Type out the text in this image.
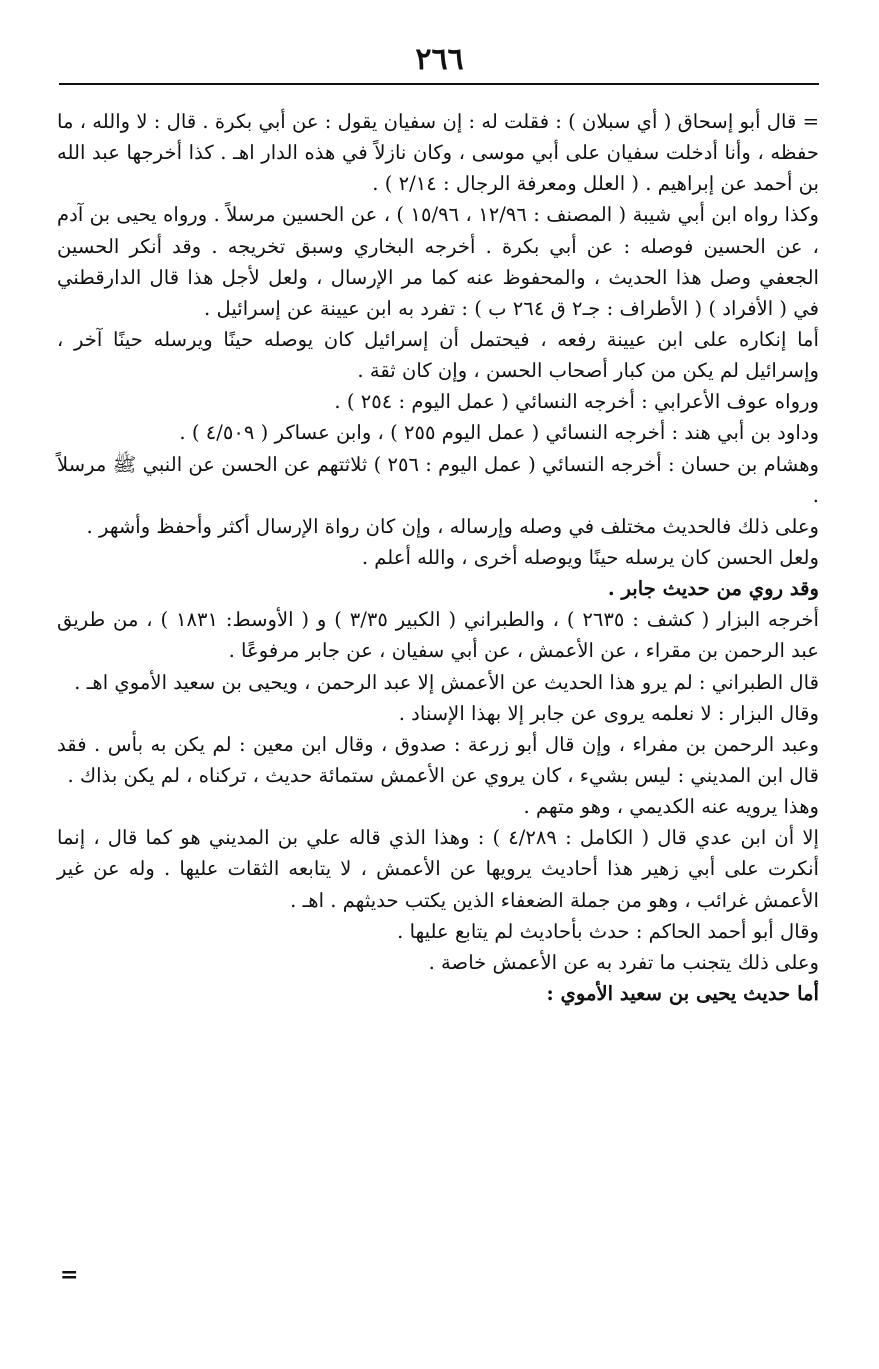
٢٦٦

= قال أبو إسحاق ( أي سبلان ) : فقلت له : إن سفيان يقول : عن أبي بكرة . قال : لا والله ، ما حفظه ، وأنا أدخلت سفيان على أبي موسى ، وكان نازلاً في هذه الدار اهـ . كذا أخرجها عبد الله بن أحمد عن إبراهيم . ( العلل ومعرفة الرجال : ٢/١٤ ) .

وكذا رواه ابن أبي شيبة ( المصنف : ١٢/٩٦ ، ١٥/٩٦ ) ، عن الحسين مرسلاً . ورواه يحيى بن آدم ، عن الحسين فوصله : عن أبي بكرة . أخرجه البخاري وسبق تخريجه . وقد أنكر الحسين الجعفي وصل هذا الحديث ، والمحفوظ عنه كما مر الإرسال ، ولعل لأجل هذا قال الدارقطني في ( الأفراد ) ( الأطراف : جـ٢ ق ٢٦٤ ب ) : تفرد به ابن عيينة عن إسرائيل .

أما إنكاره على ابن عيينة رفعه ، فيحتمل أن إسرائيل كان يوصله حينًا ويرسله حينًا آخر ، وإسرائيل لم يكن من كبار أصحاب الحسن ، وإن كان ثقة .

ورواه عوف الأعرابي : أخرجه النسائي ( عمل اليوم : ٢٥٤ ) .

وداود بن أبي هند : أخرجه النسائي ( عمل اليوم ٢٥٥ ) ، وابن عساكر ( ٤/٥٠٩ ) .

وهشام بن حسان : أخرجه النسائي ( عمل اليوم : ٢٥٦ ) ثلاثتهم عن الحسن عن النبي ﷺ مرسلاً .

وعلى ذلك فالحديث مختلف في وصله وإرساله ، وإن كان رواة الإرسال أكثر وأحفظ وأشهر .

ولعل الحسن كان يرسله حينًا ويوصله أخرى ، والله أعلم .

وقد روي من حديث جابر .

أخرجه البزار ( كشف : ٢٦٣٥ ) ، والطبراني ( الكبير ٣/٣٥ ) و ( الأوسط: ١٨٣١ ) ، من طريق عبد الرحمن بن مقراء ، عن الأعمش ، عن أبي سفيان ، عن جابر مرفوعًا .

قال الطبراني : لم يرو هذا الحديث عن الأعمش إلا عبد الرحمن ، ويحيى بن سعيد الأموي اهـ .

وقال البزار : لا نعلمه يروى عن جابر إلا بهذا الإسناد .

وعبد الرحمن بن مفراء ، وإن قال أبو زرعة : صدوق ، وقال ابن معين : لم يكن به بأس . فقد قال ابن المديني : ليس بشيء ، كان يروي عن الأعمش ستمائة حديث ، تركناه ، لم يكن بذاك .

وهذا يرويه عنه الكديمي ، وهو متهم .

إلا أن ابن عدي قال ( الكامل : ٤/٢٨٩ ) : وهذا الذي قاله علي بن المديني هو كما قال ، إنما أنكرت على أبي زهير هذا أحاديث يرويها عن الأعمش ، لا يتابعه الثقات عليها . وله عن غير الأعمش غرائب ، وهو من جملة الضعفاء الذين يكتب حديثهم . اهـ .

وقال أبو أحمد الحاكم : حدث بأحاديث لم يتابع عليها .

وعلى ذلك يتجنب ما تفرد به عن الأعمش خاصة .

أما حديث يحيى بن سعيد الأموي :

=
